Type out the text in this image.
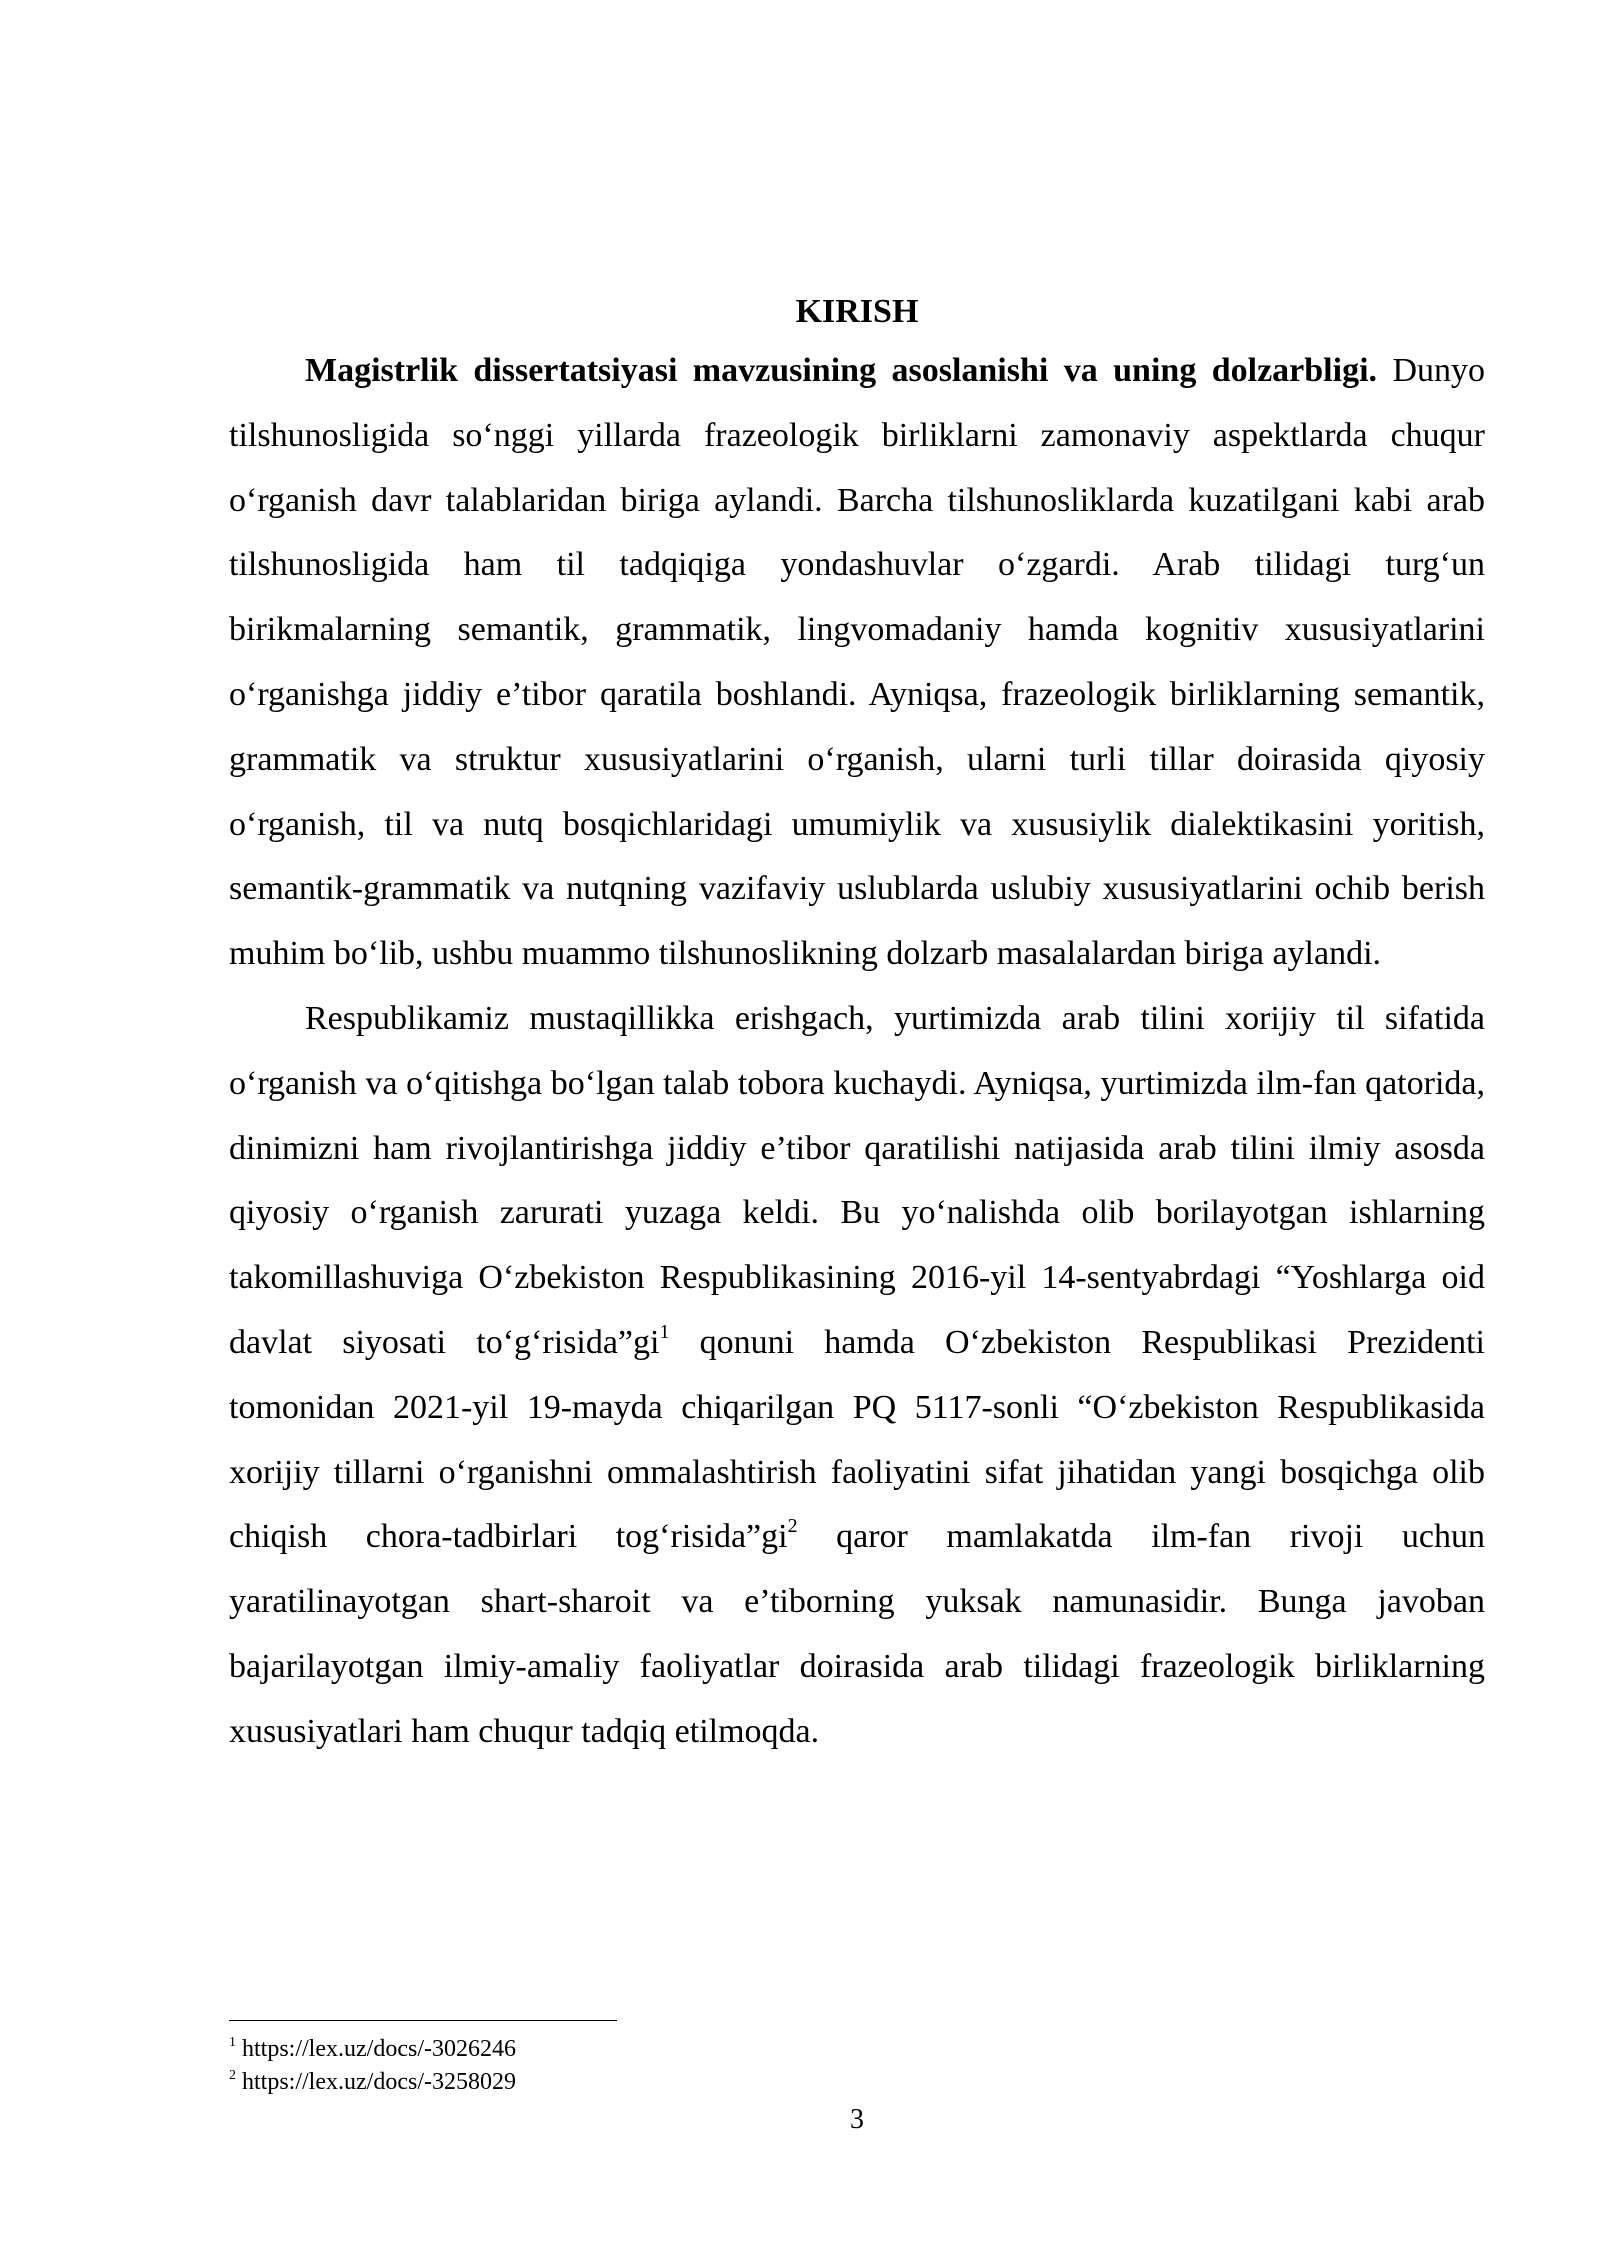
KIRISH

Magistrlik dissertatsiyasi mavzusining asoslanishi va uning dolzarbligi. Dunyo tilshunosligida so‘nggi yillarda frazeologik birliklarni zamonaviy aspektlarda chuqur o‘rganish davr talablaridan biriga aylandi. Barcha tilshunosliklarda kuzatilgani kabi arab tilshunosligida ham til tadqiqiga yondashuvlar o‘zgardi. Arab tilidagi turg‘un birikmalarning semantik, grammatik, lingvomadaniy hamda kognitiv xususiyatlarini o‘rganishga jiddiy e’tibor qaratila boshlandi. Ayniqsa, frazeologik birliklarning semantik, grammatik va struktur xususiyatlarini o‘rganish, ularni turli tillar doirasida qiyosiy o‘rganish, til va nutq bosqichlaridagi umumiylik va xususiylik dialektikasini yoritish, semantik-grammatik va nutqning vazifaviy uslublarda uslubiy xususiyatlarini ochib berish muhim bo‘lib, ushbu muammo tilshunoslikning dolzarb masalalardan biriga aylandi.

Respublikamiz mustaqillikka erishgach, yurtimizda arab tilini xorijiy til sifatida o‘rganish va o‘qitishga bo‘lgan talab tobora kuchaydi. Ayniqsa, yurtimizda ilm-fan qatorida, dinimizni ham rivojlantirishga jiddiy e’tibor qaratilishi natijasida arab tilini ilmiy asosda qiyosiy o‘rganish zarurati yuzaga keldi. Bu yo‘nalishda olib borilayotgan ishlarning takomillashuviga O‘zbekiston Respublikasining 2016-yil 14-sentyabrdagi “Yoshlarga oid davlat siyosati $to‘g‘risida”gi^1$ qonuni hamda O‘zbekiston Respublikasi Prezidenti tomonidan 2021-yil 19-mayda chiqarilgan PQ 5117-sonli “O‘zbekiston Respublikasida xorijiy tillarni o‘rganishni ommalashtirish faoliyatini sifat jihatidan yangi bosqichga olib chiqish chora-tadbirlari $tog‘risida”gi^2$ qaror mamlakatda ilm-fan rivoji uchun yaratilinayotgan shart-sharoit va e’tiborning yuksak namunasidir. Bunga javoban bajarilayotgan ilmiy-amaliy faoliyatlar doirasida arab tilidagi frazeologik birliklarning xususiyatlari ham chuqur tadqiq etilmoqda.

$^1$ https://lex.uz/docs/-3026246

$^2$ https://lex.uz/docs/-3258029

3
